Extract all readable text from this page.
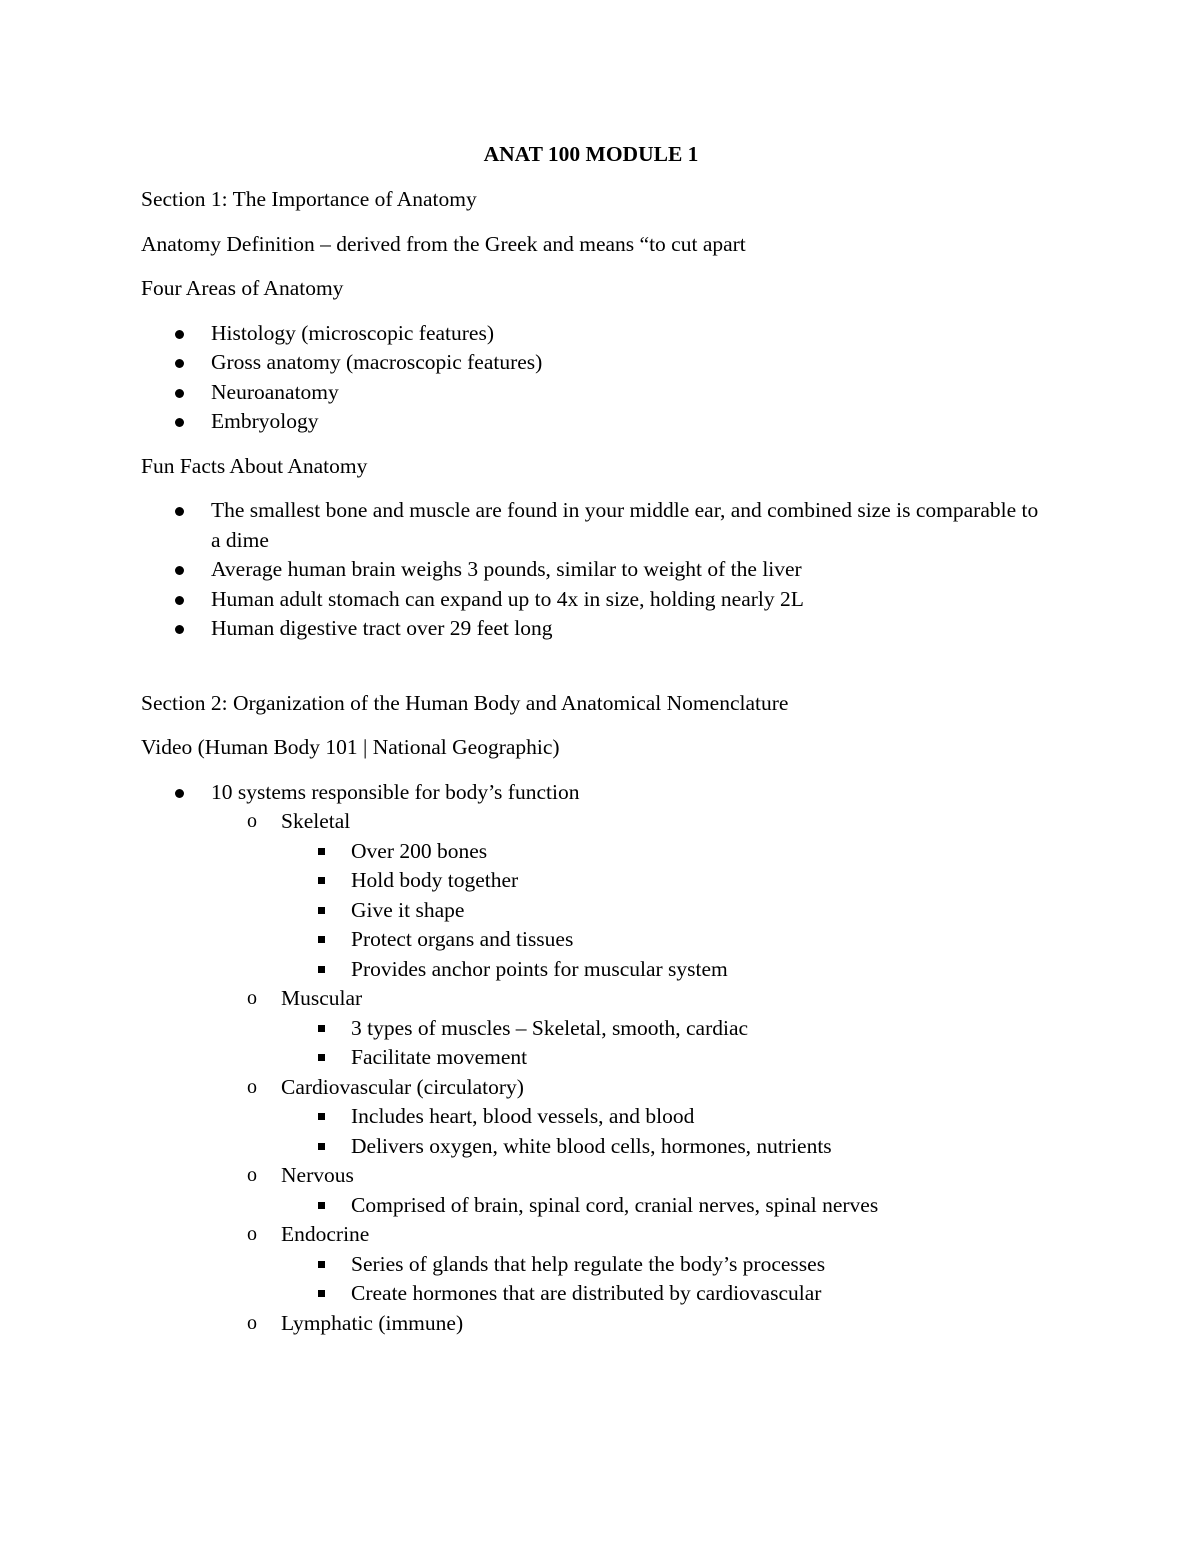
ANAT 100 MODULE 1
Section 1: The Importance of Anatomy
Anatomy Definition – derived from the Greek and means “to cut apart
Four Areas of Anatomy
Histology (microscopic features)
Gross anatomy (macroscopic features)
Neuroanatomy
Embryology
Fun Facts About Anatomy
The smallest bone and muscle are found in your middle ear, and combined size is comparable to a dime
Average human brain weighs 3 pounds, similar to weight of the liver
Human adult stomach can expand up to 4x in size, holding nearly 2L
Human digestive tract over 29 feet long
Section 2: Organization of the Human Body and Anatomical Nomenclature
Video (Human Body 101 | National Geographic)
10 systems responsible for body’s function
o Skeletal
Over 200 bones
Hold body together
Give it shape
Protect organs and tissues
Provides anchor points for muscular system
o Muscular
3 types of muscles – Skeletal, smooth, cardiac
Facilitate movement
o Cardiovascular (circulatory)
Includes heart, blood vessels, and blood
Delivers oxygen, white blood cells, hormones, nutrients
o Nervous
Comprised of brain, spinal cord, cranial nerves, spinal nerves
o Endocrine
Series of glands that help regulate the body’s processes
Create hormones that are distributed by cardiovascular
o Lymphatic (immune)
